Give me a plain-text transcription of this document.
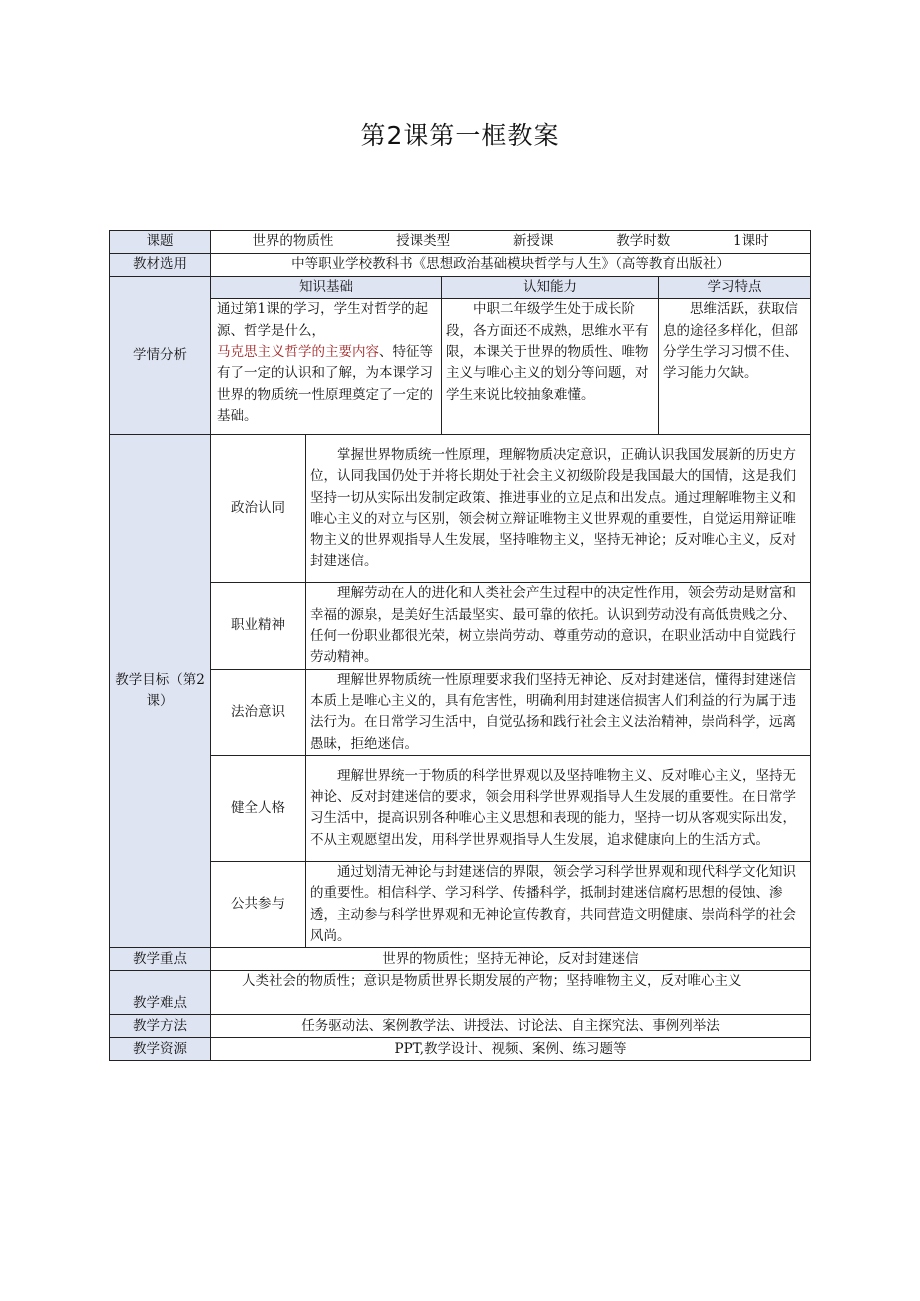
第2课第一框教案
课题	世界的物质性 授课类型 新授课 教学时数 1课时			

教材选用	中等职业学校教科书《思想政治基础模块哲学与人生》（高等教育出版社）			
学情分析	知识基础		认知能力	学习特点
	通过第1课的学习，学生对哲学的起源、哲学是什么，马克思主义哲学的主要内容、特征等有了一定的认识和了解，为本课学习世界的物质统一性原理奠定了一定的基础。		中职二年级学生处于成长阶段，各方面还不成熟，思维水平有限，本课关于世界的物质性、唯物主义与唯心主义的划分等问题，对学生来说比较抽象难懂。	思维活跃，获取信息的途径多样化，但部分学生学习习惯不佳、学习能力欠缺。
教学目标（第2课）	政治认同	掌握世界物质统一性原理，理解物质决定意识，正确认识我国发展新的历史方位，认同我国仍处于并将长期处于社会主义初级阶段是我国最大的国情，这是我们坚持一切从实际出发制定政策、推进事业的立足点和出发点。通过理解唯物主义和唯心主义的对立与区别，领会树立辩证唯物主义世界观的重要性，自觉运用辩证唯物主义的世界观指导人生发展，坚持唯物主义，坚持无神论；反对唯心主义，反对封建迷信。		
	职业精神	理解劳动在人的进化和人类社会产生过程中的决定性作用，领会劳动是财富和幸福的源泉，是美好生活最坚实、最可靠的依托。认识到劳动没有高低贵贱之分、任何一份职业都很光荣，树立崇尚劳动、尊重劳动的意识，在职业活动中自觉践行劳动精神。		
	法治意识	理解世界物质统一性原理要求我们坚持无神论、反对封建迷信，懂得封建迷信本质上是唯心主义的，具有危害性，明确利用封建迷信损害人们利益的行为属于违法行为。在日常学习生活中，自觉弘扬和践行社会主义法治精神，崇尚科学，远离愚昧，拒绝迷信。		
	健全人格	理解世界统一于物质的科学世界观以及坚持唯物主义、反对唯心主义，坚持无神论、反对封建迷信的要求，领会用科学世界观指导人生发展的重要性。在日常学习生活中，提高识别各种唯心主义思想和表现的能力，坚持一切从客观实际出发，不从主观愿望出发，用科学世界观指导人生发展，追求健康向上的生活方式。		
	公共参与	通过划清无神论与封建迷信的界限，领会学习科学世界观和现代科学文化知识的重要性。相信科学、学习科学、传播科学，抵制封建迷信腐朽思想的侵蚀、渗透，主动参与科学世界观和无神论宣传教育，共同营造文明健康、崇尚科学的社会风尚。		
教学重点	世界的物质性；坚持无神论，反对封建迷信			
教学难点	人类社会的物质性；意识是物质世界长期发展的产物；坚持唯物主义，反对唯心主义			
教学方法	任务驱动法、案例教学法、讲授法、讨论法、自主探究法、事例列举法			
教学资源	PPT,教学设计、视频、案例、练习题等			
